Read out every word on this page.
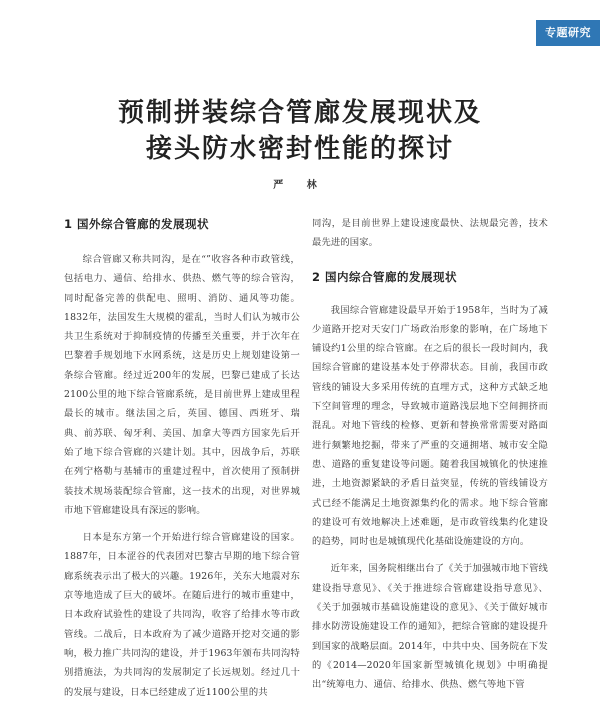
专题研究
预制拼装综合管廊发展现状及
接头防水密封性能的探讨
严 林
1 国外综合管廊的发展现状

综合管廊又称共同沟，是在“”收容各种市政管线，包括电力、通信、给排水、供热、燃气等的综合管沟，同时配备完善的供配电、照明、消防、通风等功能。1832年，法国发生大规模的霍乱，当时人们认为城市公共卫生系统对于抑制疫情的传播至关重要，并于次年在巴黎着手规划地下水网系统，这是历史上规划建设第一条综合管廊。经过近200年的发展，巴黎已建成了长达2100公里的地下综合管廊系统，是目前世界上建成里程最长的城市。继法国之后，英国、德国、西班牙、瑞典、前苏联、匈牙利、美国、加拿大等西方国家先后开始了地下综合管廊的兴建计划。其中，因战争后，苏联在列宁格勒与基辅市的重建过程中，首次使用了预制拼装技术规场装配综合管廊，这一技术的出现，对世界城市地下管廊建设具有深远的影响。

日本是东方第一个开始进行综合管廊建设的国家。1887年，日本涩谷的代表团对巴黎古早期的地下综合管廊系统表示出了极大的兴趣。1926年，关东大地震对东京等地造成了巨大的破坏。在随后进行的城市重建中，日本政府试验性的建设了共同沟，收容了给排水等市政管线。二战后，日本政府为了减少道路开挖对交通的影响，极力推广共同沟的建设，并于1963年颁布共同沟特别措施法，为共同沟的发展制定了长远规划。经过几十的发展与建设，日本已经建成了近1100公里的共

同沟，是目前世界上建设速度最快、法规最完善，技术最先进的国家。

2 国内综合管廊的发展现状

我国综合管廊建设最早开始于1958年，当时为了减少道路开挖对天安门广场政治形象的影响，在广场地下铺设约1公里的综合管廊。在之后的很长一段时间内，我国综合管廊的建设基本处于停滞状态。目前，我国市政管线的铺设大多采用传统的直埋方式，这种方式缺乏地下空间管理的理念，导致城市道路浅层地下空间拥挤而混乱。对地下管线的检修、更新和替换常常需要对路面进行频繁地挖掘，带来了严重的交通拥堵、城市安全隐患、道路的重复建设等问题。随着我国城镇化的快速推进，土地资源紧缺的矛盾日益突显，传统的管线铺设方式已经不能满足土地资源集约化的需求。地下综合管廊的建设可有效地解决上述难题，是市政管线集约化建设的趋势，同时也是城镇现代化基础设施建设的方向。

近年来，国务院相继出台了《关于加强城市地下管线建设指导意见》、《关于推进综合管廊建设指导意见》、《关于加强城市基础设施建设的意见》、《关于做好城市排水防涝设施建设工作的通知》，把综合管廊的建设提升到国家的战略层面。2014年，中共中央、国务院在下发的《2014—2020年国家新型城镇化规划》中明确提出“统筹电力、通信、给排水、供热、燃气等地下管
